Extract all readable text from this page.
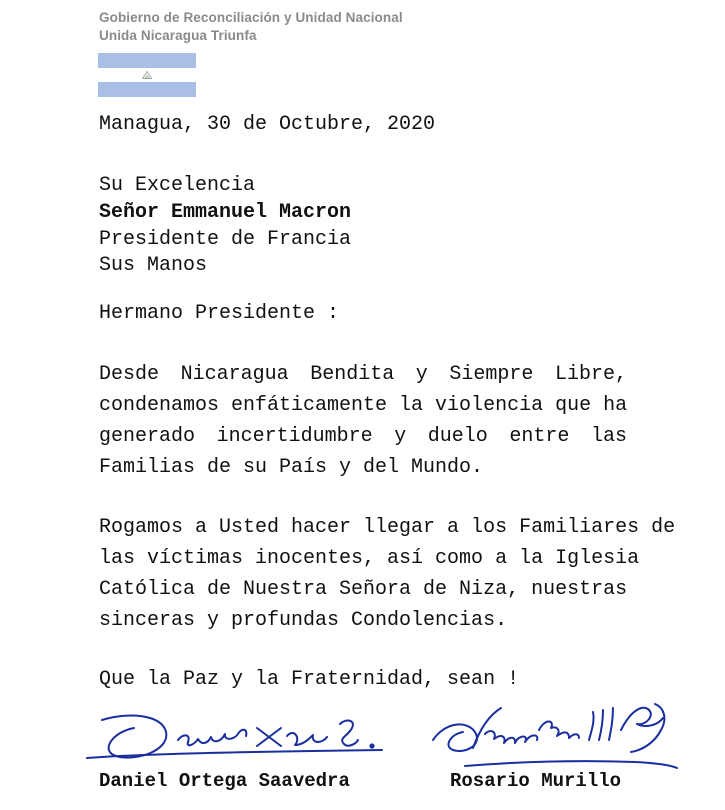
Gobierno de Reconciliación y Unidad Nacional
Unida Nicaragua Triunfa
Managua, 30 de Octubre, 2020
Su Excelencia
Señor Emmanuel Macron
Presidente de Francia
Sus Manos
Hermano Presidente :
Desde Nicaragua Bendita y Siempre Libre,
condenamos enfáticamente la violencia que ha
generado incertidumbre y duelo entre las
Familias de su País y del Mundo.
Rogamos a Usted hacer llegar a los Familiares de
las víctimas inocentes, así como a la Iglesia
Católica de Nuestra Señora de Niza, nuestras
sinceras y profundas Condolencias.
Que la Paz y la Fraternidad, sean !
Daniel Ortega Saavedra	Rosario Murillo
